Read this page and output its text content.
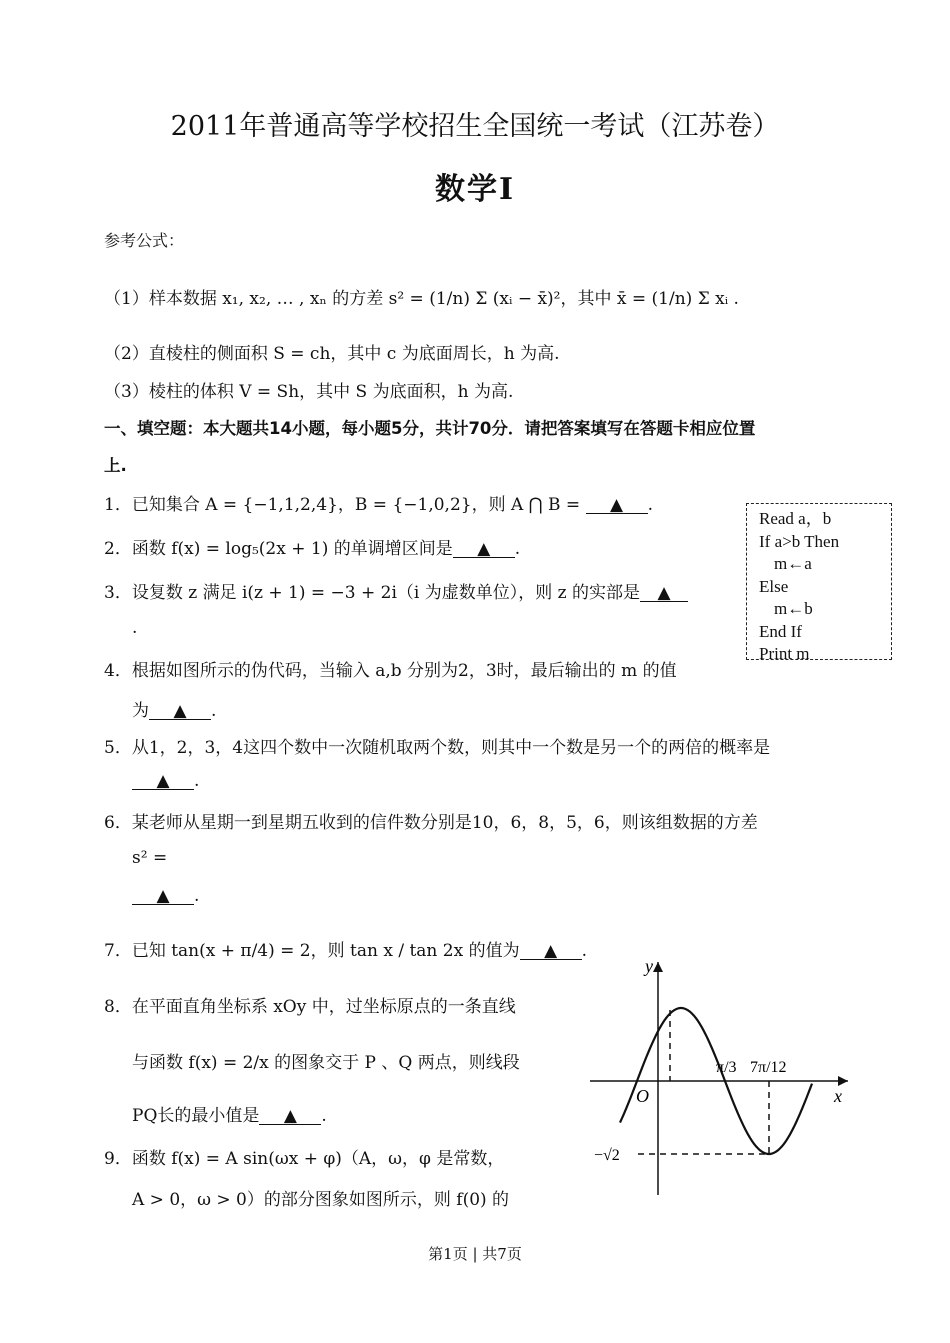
2011年普通高等学校招生全国统一考试（江苏卷）
数学Ⅰ
参考公式：
（1）样本数据 x₁, x₂, … , xₙ 的方差 s² = (1/n) Σ (xᵢ − x̄)²，其中 x̄ = (1/n) Σ xᵢ .
（2）直棱柱的侧面积 S = ch，其中 c 为底面周长，h 为高.
（3）棱柱的体积 V = Sh，其中 S 为底面积，h 为高.
一、填空题：本大题共14小题，每小题5分，共计70分．请把答案填写在答题卡相应位置
上.
1．已知集合 A = {−1,1,2,4}，B = {−1,0,2}，则 A ⋂ B = ▲ .
2．函数 f(x) = log₅(2x + 1) 的单调增区间是 ▲ .
3．设复数 z 满足 i(z + 1) = −3 + 2i（i 为虚数单位），则 z 的实部是 ▲
.
Read a，b
If a>b Then
m←a
Else
m←b
End If
Print m
4．根据如图所示的伪代码，当输入 a,b 分别为2，3时，最后输出的 m 的值
为 ▲ .
5．从1，2，3，4这四个数中一次随机取两个数，则其中一个数是另一个的两倍的概率是
▲ .
6．某老师从星期一到星期五收到的信件数分别是10，6，8，5，6，则该组数据的方差
s² =
▲ .
7．已知 tan(x + π/4) = 2，则 tan x / tan 2x 的值为 ▲ .
8．在平面直角坐标系 xOy 中，过坐标原点的一条直线
与函数 f(x) = 2/x 的图象交于 P 、Q 两点，则线段
PQ长的最小值是 ▲ .
9．函数 f(x) = A sin(ωx + φ)（A，ω，φ 是常数，
A > 0，ω > 0）的部分图象如图所示，则 f(0) 的
y
x
O
π/3 7π/12
−√2
第1页 | 共7页
